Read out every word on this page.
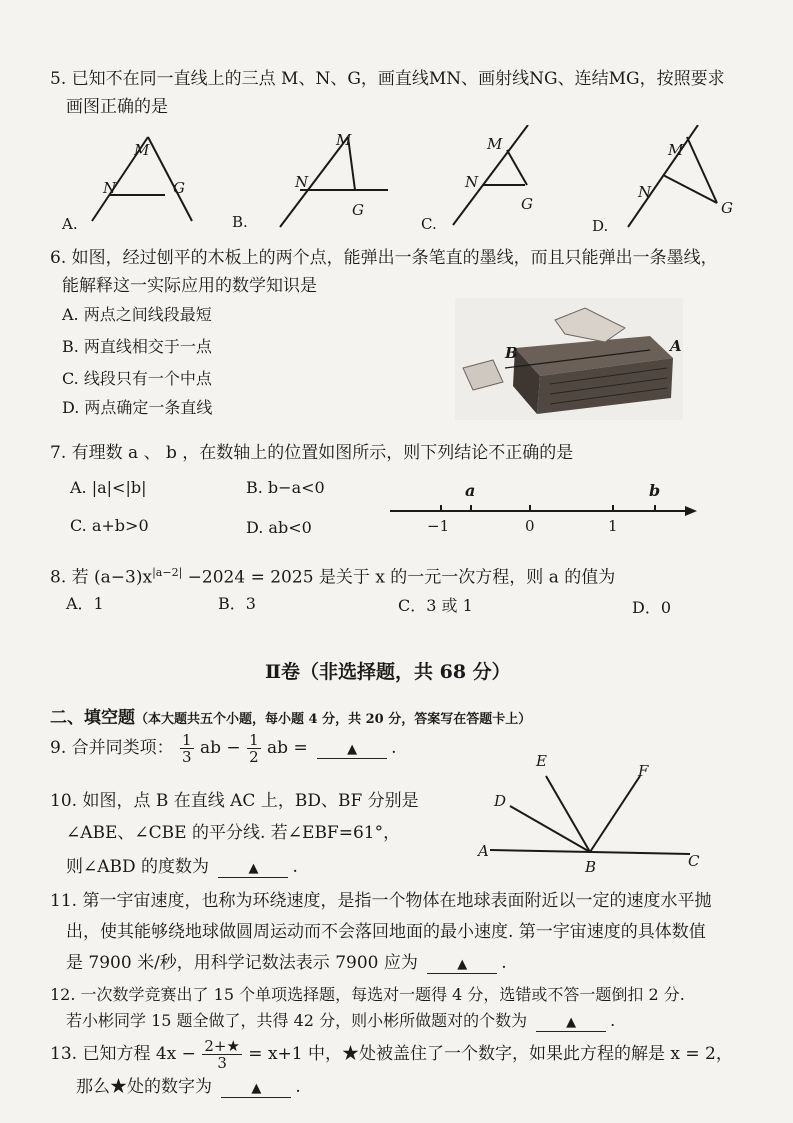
5. 已知不在同一直线上的三点 M、N、G，画直线MN、画射线NG、连结MG，按照要求
画图正确的是
M
N	G
M
N
G
M
N
G
M
N
G
A.	B.	C.	D.
6. 如图，经过刨平的木板上的两个点，能弹出一条笔直的墨线，而且只能弹出一条墨线，
能解释这一实际应用的数学知识是
A. 两点之间线段最短
B. 两直线相交于一点
C. 线段只有一个中点
D. 两点确定一条直线
B	A
7. 有理数 a 、 b ，在数轴上的位置如图所示，则下列结论不正确的是
A. |a|<|b|	B. b−a<0
C. a+b>0	D. ab<0	−1	0	1
a	b
8. 若 $(a-3)x^{|a-2|} -2024 = 2025$ 是关于 x 的一元一次方程，则 a 的值为
A．1	B．3	C．3 或 1	D．0
Ⅱ卷（非选择题，共 68 分）
二、填空题（本大题共五个小题，每小题 4 分，共 20 分，答案写在答题卡上）
9. 合并同类项： $\frac{1}{3}$ ab − $\frac{1}{2}$ ab =	▲ .
10. 如图，点 B 在直线 AC 上，BD、BF 分别是
∠ABE、∠CBE 的平分线. 若∠EBF=61°，
则∠ABD 的度数为	▲ .
E
F
D
A
B	C
11. 第一宇宙速度，也称为环绕速度，是指一个物体在地球表面附近以一定的速度水平抛
出，使其能够绕地球做圆周运动而不会落回地面的最小速度. 第一宇宙速度的具体数值
是 7900 米/秒，用科学记数法表示 7900 应为	▲ .
12. 一次数学竞赛出了 15 个单项选择题，每选对一题得 4 分，选错或不答一题倒扣 2 分.
若小彬同学 15 题全做了，共得 42 分，则小彬所做题对的个数为	▲ .
13. 已知方程 $4x - \frac{2+★}{3} = x+1$ 中，★处被盖住了一个数字，如果此方程的解是 x = 2，
那么★处的数字为	▲ .
